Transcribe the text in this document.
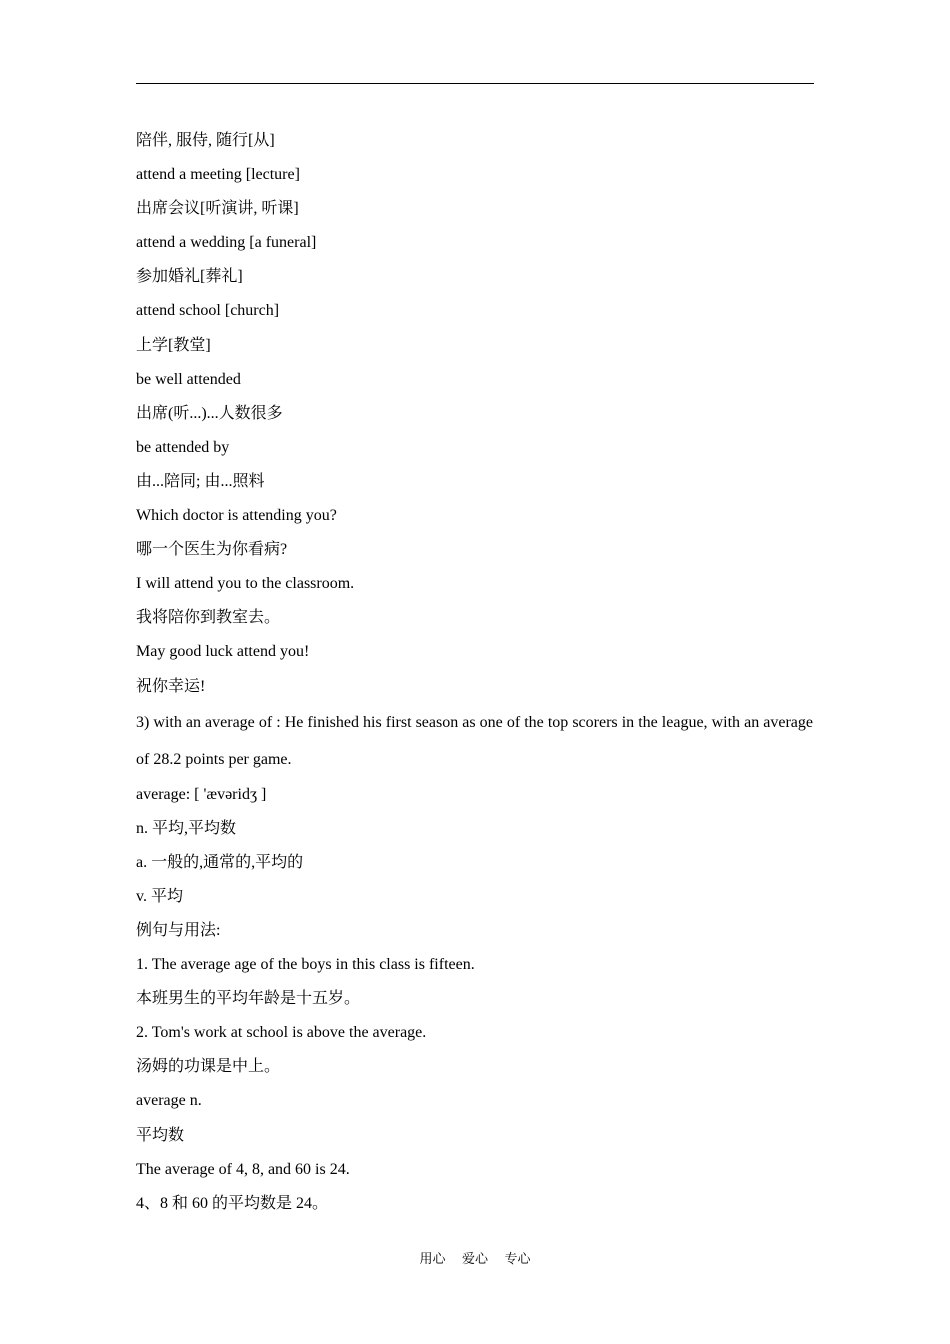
陪伴, 服侍, 随行[从]
attend a meeting [lecture]
出席会议[听演讲, 听课]
attend a wedding [a funeral]
参加婚礼[葬礼]
attend school [church]
上学[教堂]
be well attended
出席(听...)...人数很多
be attended by
由...陪同; 由...照料
Which doctor is attending you?
哪一个医生为你看病?
I will attend you to the classroom.
我将陪你到教室去。
May good luck attend you!
祝你幸运!
3) with an average of : He finished his first season as one of the top scorers in the league, with an average of 28.2 points per game.
average: [ 'ævəridʒ ]
n. 平均,平均数
a. 一般的,通常的,平均的
v. 平均
例句与用法:
1. The average age of the boys in this class is fifteen.
本班男生的平均年龄是十五岁。
2. Tom's work at school is above the average.
汤姆的功课是中上。
average n.
平均数
The average of 4, 8, and 60 is 24.
4、8 和 60 的平均数是 24。
用心    爱心    专心
